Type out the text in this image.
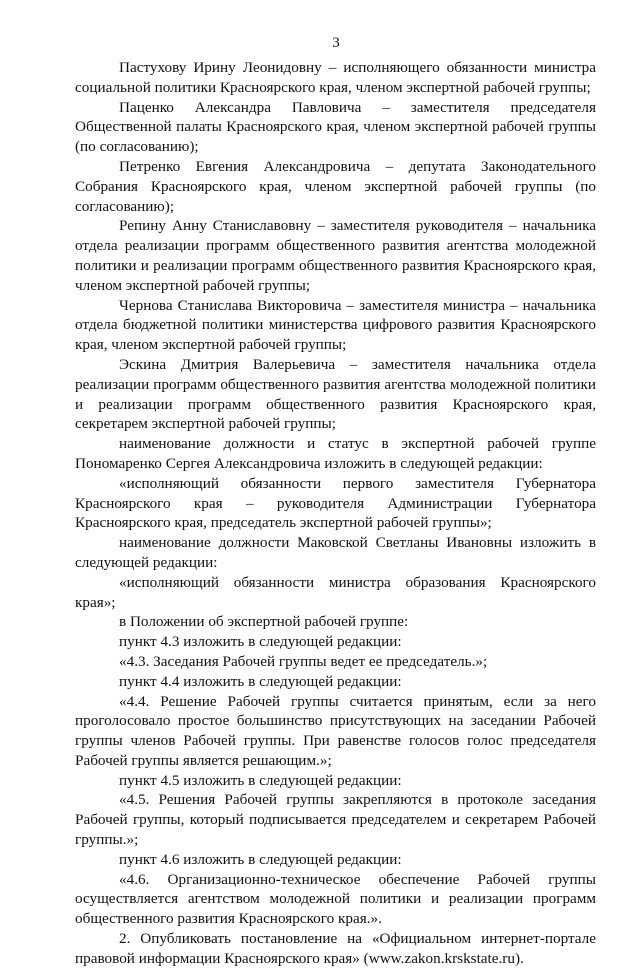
3

Пастухову Ирину Леонидовну – исполняющего обязанности министра социальной политики Красноярского края, членом экспертной рабочей группы;

Паценко Александра Павловича – заместителя председателя Общественной палаты Красноярского края, членом экспертной рабочей группы (по согласованию);

Петренко Евгения Александровича – депутата Законодательного Собрания Красноярского края, членом экспертной рабочей группы (по согласованию);

Репину Анну Станиславовну – заместителя руководителя – начальника отдела реализации программ общественного развития агентства молодежной политики и реализации программ общественного развития Красноярского края, членом экспертной рабочей группы;

Чернова Станислава Викторовича – заместителя министра – начальника отдела бюджетной политики министерства цифрового развития Красноярского края, членом экспертной рабочей группы;

Эскина Дмитрия Валерьевича – заместителя начальника отдела реализации программ общественного развития агентства молодежной политики и реализации программ общественного развития Красноярского края, секретарем экспертной рабочей группы;

наименование должности и статус в экспертной рабочей группе Пономаренко Сергея Александровича изложить в следующей редакции:

«исполняющий обязанности первого заместителя Губернатора Красноярского края – руководителя Администрации Губернатора Красноярского края, председатель экспертной рабочей группы»;

наименование должности Маковской Светланы Ивановны изложить в следующей редакции:

«исполняющий обязанности министра образования Красноярского края»;

в Положении об экспертной рабочей группе:

пункт 4.3 изложить в следующей редакции:

«4.3. Заседания Рабочей группы ведет ее председатель.»;

пункт 4.4 изложить в следующей редакции:

«4.4. Решение Рабочей группы считается принятым, если за него проголосовало простое большинство присутствующих на заседании Рабочей группы членов Рабочей группы. При равенстве голосов голос председателя Рабочей группы является решающим.»;

пункт 4.5 изложить в следующей редакции:

«4.5. Решения Рабочей группы закрепляются в протоколе заседания Рабочей группы, который подписывается председателем и секретарем Рабочей группы.»;

пункт 4.6 изложить в следующей редакции:

«4.6. Организационно-техническое обеспечение Рабочей группы осуществляется агентством молодежной политики и реализации программ общественного развития Красноярского края.».

2. Опубликовать постановление на «Официальном интернет-портале правовой информации Красноярского края» (www.zakon.krskstate.ru).
